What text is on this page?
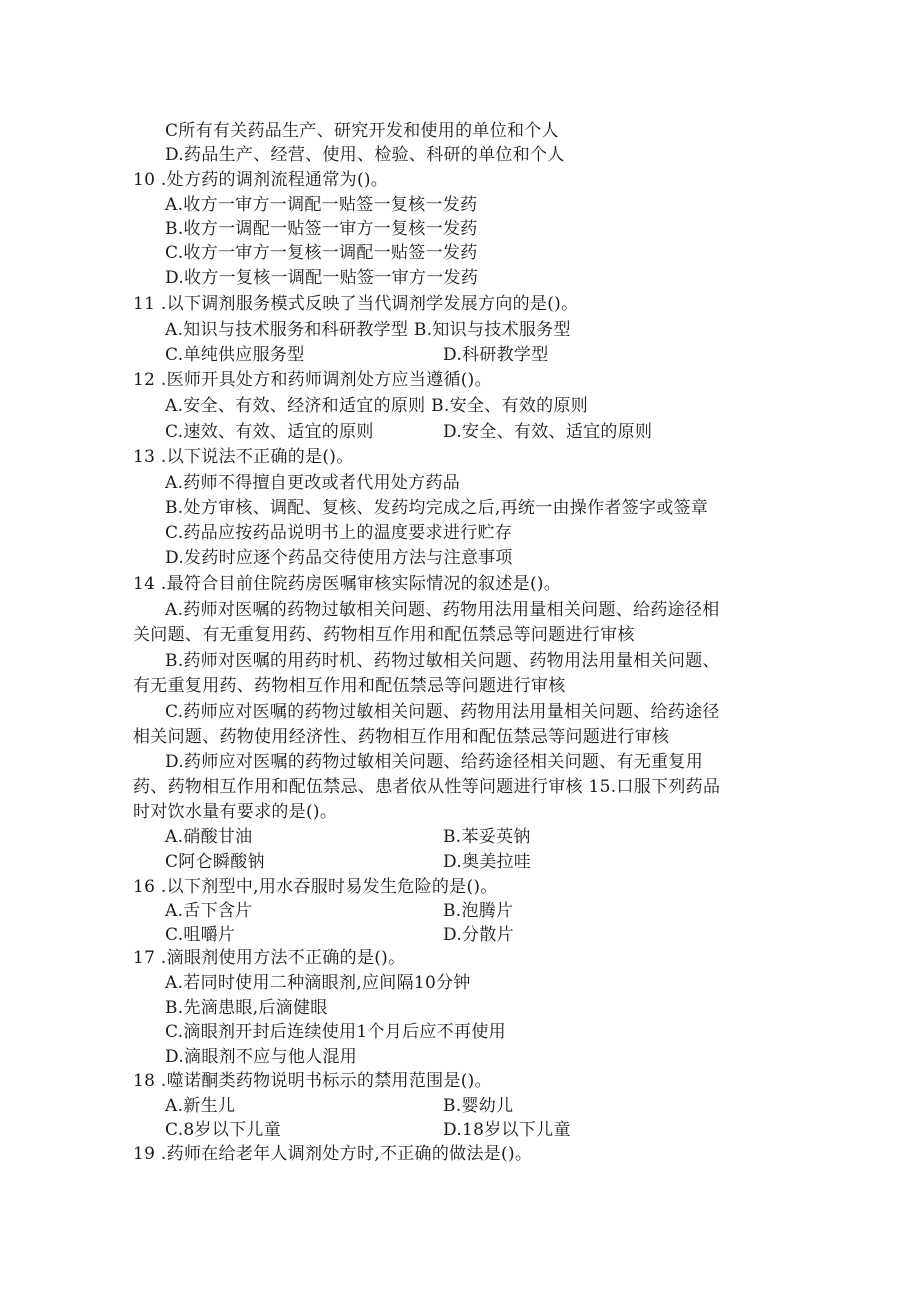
C所有有关药品生产、研究开发和使用的单位和个人
D.药品生产、经营、使用、检验、科研的单位和个人
10 .处方药的调剂流程通常为()。
A.收方一审方一调配一贴签一复核一发药
B.收方一调配一贴签一审方一复核一发药
C.收方一审方一复核一调配一贴签一发药
D.收方一复核一调配一贴签一审方一发药
11 .以下调剂服务模式反映了当代调剂学发展方向的是()。
A.知识与技术服务和科研教学型 B.知识与技术服务型
C.单纯供应服务型	D.科研教学型
12 .医师开具处方和药师调剂处方应当遵循()。
A.安全、有效、经济和适宜的原则 B.安全、有效的原则
C.速效、有效、适宜的原则	D.安全、有效、适宜的原则
13 .以下说法不正确的是()。
A.药师不得擅自更改或者代用处方药品
B.处方审核、调配、复核、发药均完成之后,再统一由操作者签字或签章
C.药品应按药品说明书上的温度要求进行贮存
D.发药时应逐个药品交待使用方法与注意事项
14 .最符合目前住院药房医嘱审核实际情况的叙述是()。
A.药师对医嘱的药物过敏相关问题、药物用法用量相关问题、给药途径相
关问题、有无重复用药、药物相互作用和配伍禁忌等问题进行审核
B.药师对医嘱的用药时机、药物过敏相关问题、药物用法用量相关问题、
有无重复用药、药物相互作用和配伍禁忌等问题进行审核
C.药师应对医嘱的药物过敏相关问题、药物用法用量相关问题、给药途径
相关问题、药物使用经济性、药物相互作用和配伍禁忌等问题进行审核
D.药师应对医嘱的药物过敏相关问题、给药途径相关问题、有无重复用
药、药物相互作用和配伍禁忌、患者依从性等问题进行审核 15.口服下列药品
时对饮水量有要求的是()。
A.硝酸甘油	B.苯妥英钠
C阿仑瞬酸钠	D.奥美拉哇
16 .以下剂型中,用水吞服时易发生危险的是()。
A.舌下含片	B.泡腾片
C.咀嚼片	D.分散片
17 .滴眼剂使用方法不正确的是()。
A.若同时使用二种滴眼剂,应间隔10分钟
B.先滴患眼,后滴健眼
C.滴眼剂开封后连续使用1个月后应不再使用
D.滴眼剂不应与他人混用
18 .噬诺酮类药物说明书标示的禁用范围是()。
A.新生儿	B.婴幼儿
C.8岁以下儿童	D.18岁以下儿童
19 .药师在给老年人调剂处方时,不正确的做法是()。
